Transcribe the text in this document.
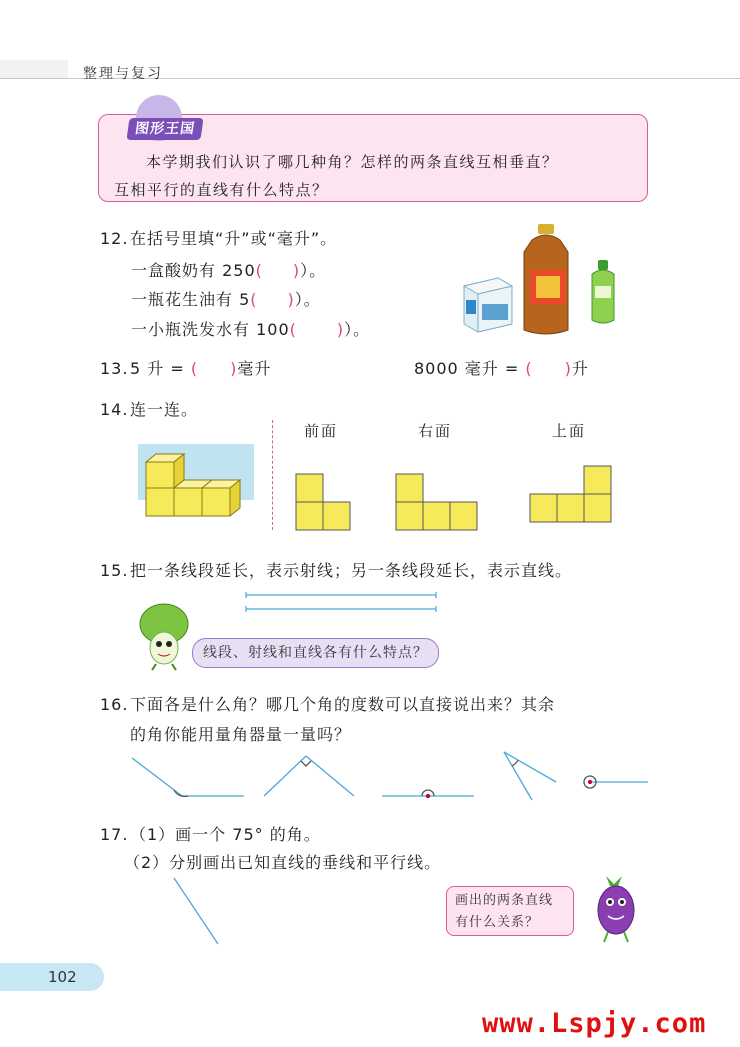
整理与复习
图形王国
本学期我们认识了哪几种角？怎样的两条直线互相垂直？
互相平行的直线有什么特点？
12.在括号里填“升”或“毫升”。
一盒酸奶有 250( )）。
一瓶花生油有 5( )）。
一小瓶洗发水有 100(	)）。
13.5 升 = ( )毫升	8000 毫升 = ( )升
14.连一连。
前面	右面	上面
15.把一条线段延长，表示射线；另一条线段延长，表示直线。
线段、射线和直线各有什么特点？
16.下面各是什么角？哪几个角的度数可以直接说出来？其余
的角你能用量角器量一量吗？
17.（1）画一个 75° 的角。
（2）分别画出已知直线的垂线和平行线。
画出的两条直线
有什么关系？
102
www.Lspjy.com
